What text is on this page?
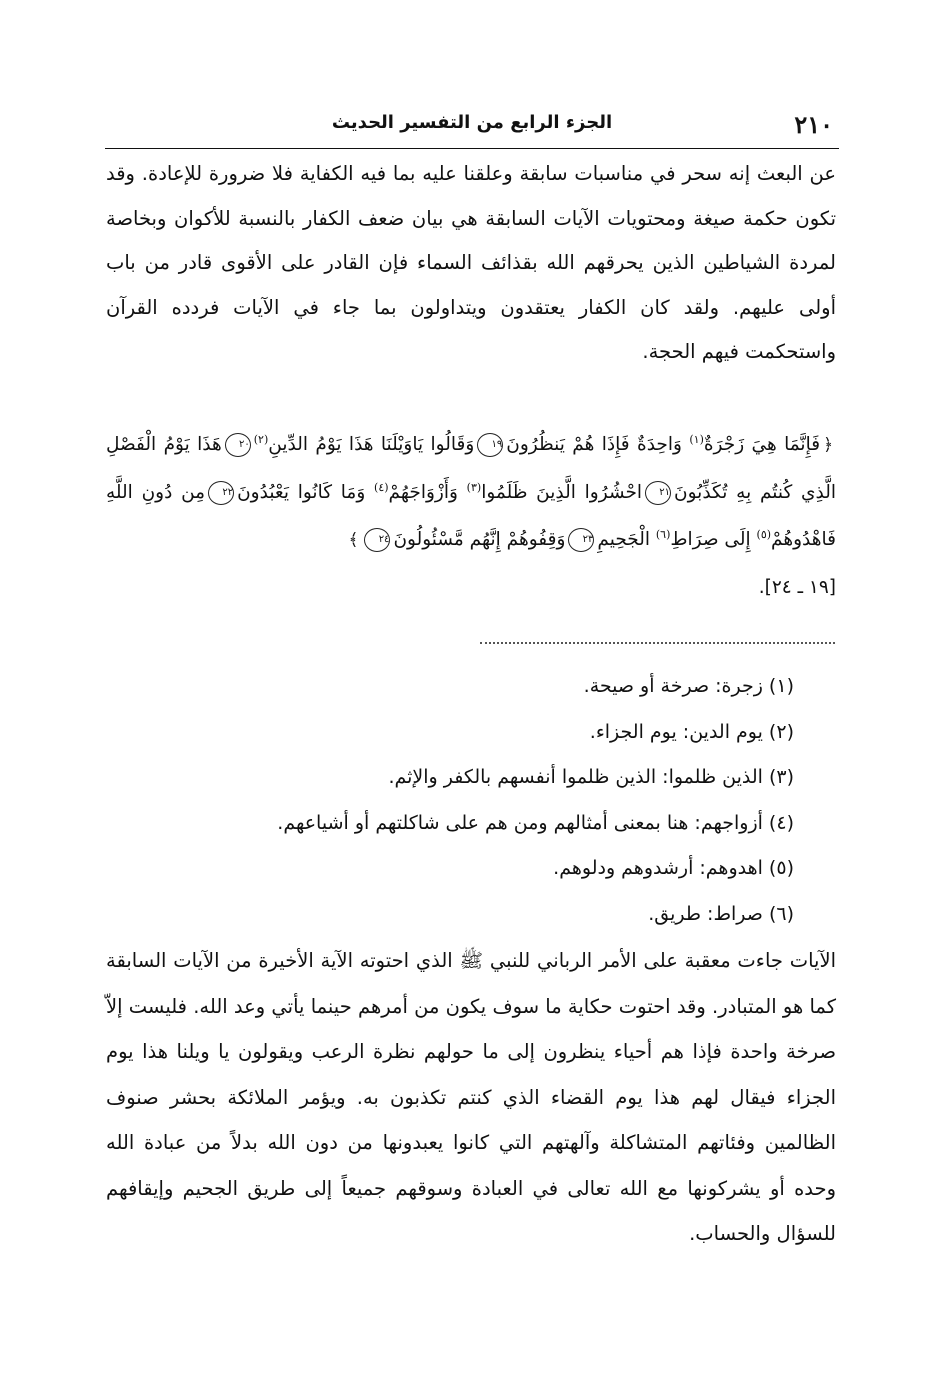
٢١٠
الجزء الرابع من التفسير الحديث

عن البعث إنه سحر في مناسبات سابقة وعلقنا عليه بما فيه الكفاية فلا ضرورة للإعادة. وقد تكون حكمة صيغة ومحتويات الآيات السابقة هي بيان ضعف الكفار بالنسبة للأكوان وبخاصة لمردة الشياطين الذين يحرقهم الله بقذائف السماء فإن القادر على الأقوى قادر من باب أولى عليهم. ولقد كان الكفار يعتقدون ويتداولون بما جاء في الآيات فردده القرآن واستحكمت فيهم الحجة.

﴿فَإِنَّمَا هِيَ زَجْرَةٌ$^{(١)}$ وَاحِدَةٌ فَإِذَا هُمْ يَنظُرُونَ١٩وَقَالُوا يَاوَيْلَنَا هَذَا يَوْمُ الدِّينِ$^{(٢)}$٢٠هَذَا يَوْمُ الْفَصْلِ الَّذِي كُنتُم بِهِ تُكَذِّبُونَ٢١احْشُرُوا الَّذِينَ ظَلَمُوا$^{(٣)}$ وَأَزْوَاجَهُمْ$^{(٤)}$ وَمَا كَانُوا يَعْبُدُونَ٢٢مِن دُونِ اللَّهِ فَاهْدُوهُمْ$^{(٥)}$ إِلَى صِرَاطِ$^{(٦)}$ الْجَحِيمِ٢٣وَقِفُوهُمْ إِنَّهُم مَّسْئُولُونَ٢٤﴾
[١٩ ـ ٢٤].

(١) زجرة: صرخة أو صيحة.
(٢) يوم الدين: يوم الجزاء.
(٣) الذين ظلموا: الذين ظلموا أنفسهم بالكفر والإثم.
(٤) أزواجهم: هنا بمعنى أمثالهم ومن هم على شاكلتهم أو أشياعهم.
(٥) اهدوهم: أرشدوهم ودلوهم.
(٦) صراط: طريق.

الآيات جاءت معقبة على الأمر الرباني للنبي ﷺ الذي احتوته الآية الأخيرة من الآيات السابقة كما هو المتبادر. وقد احتوت حكاية ما سوف يكون من أمرهم حينما يأتي وعد الله. فليست إلاّ صرخة واحدة فإذا هم أحياء ينظرون إلى ما حولهم نظرة الرعب ويقولون يا ويلنا هذا يوم الجزاء فيقال لهم هذا يوم القضاء الذي كنتم تكذبون به. ويؤمر الملائكة بحشر صنوف الظالمين وفئاتهم المتشاكلة وآلهتهم التي كانوا يعبدونها من دون الله بدلاً من عبادة الله وحده أو يشركونها مع الله تعالى في العبادة وسوقهم جميعاً إلى طريق الجحيم وإيقافهم للسؤال والحساب.
